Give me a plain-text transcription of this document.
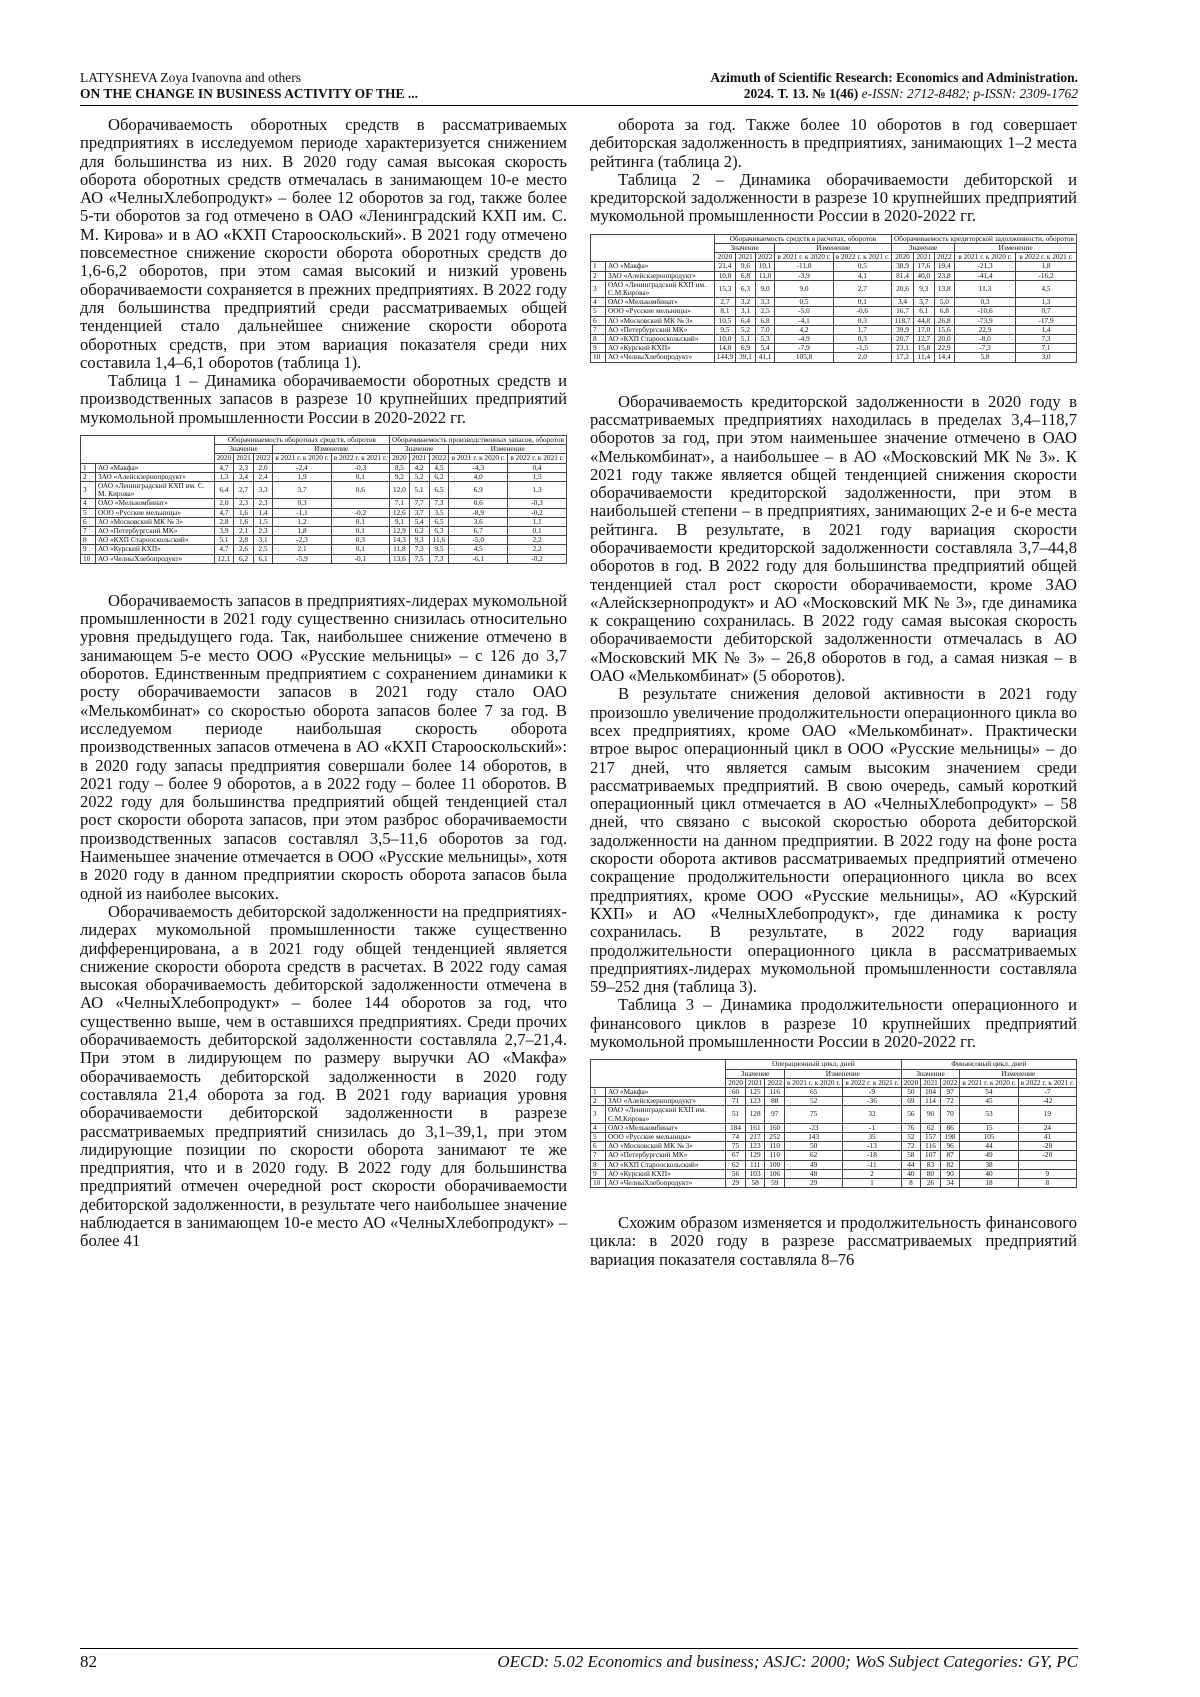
LATYSHEVA Zoya Ivanovna and others
ON THE CHANGE IN BUSINESS ACTIVITY OF THE ...
Azimuth of Scientific Research: Economics and Administration.
2024. Т. 13. № 1(46) e-ISSN: 2712-8482; p-ISSN: 2309-1762

Оборачиваемость оборотных средств в рассматриваемых предприятиях в исследуемом периоде характеризуется снижением для большинства из них. В 2020 году самая высокая скорость оборота оборотных средств отмечалась в занимающем 10-е место АО «ЧелныХлебопродукт» – более 12 оборотов за год, также более 5-ти оборотов за год отмечено в ОАО «Ленинградский КХП им. С. М. Кирова» и в АО «КХП Старооскольский». В 2021 году отмечено повсеместное снижение скорости оборота оборотных средств до 1,6-6,2 оборотов, при этом самая высокий и низкий уровень оборачиваемости сохраняется в прежних предприятиях. В 2022 году для большинства предприятий среди рассматриваемых общей тенденцией стало дальнейшее снижение скорости оборота оборотных средств, при этом вариация показателя среди них составила 1,4–6,1 оборотов (таблица 1).

Таблица 1 – Динамика оборачиваемости оборотных средств и производственных запасов в разрезе 10 крупнейших предприятий мукомольной промышленности России в 2020-2022 гг.

		Оборачиваемость оборотных средств, оборотов					Оборачиваемость производственных запасов, оборотов				
		Значение			Изменение		Значение			Изменение	
		2020	2021	2022	в 2021 г. к 2020 г.	в 2022 г. к 2021 г.	2020	2021	2022	в 2021 г. к 2020 г.	в 2022 г. к 2021 г.
1	АО «Макфа»	4,7	2,3	2,0	-2,4	-0,3	8,5	4,2	4,5	-4,3	0,4
2	ЗАО «Алейскзернопродукт»	1,3	2,4	2,4	1,9	0,1	9,2	5,2	6,2	4,0	1,5
3	ОАО «Ленинградский КХП им. С. М. Кирова»	6,4	2,7	3,3	3,7	0,6	12,0	5,1	6,5	6,9	1,3
4	ОАО «Мелькомбинат»	2,0	2,3	2,3	0,3		7,1	7,7	7,3	0,6	-0,3
5	ООО «Русские мельницы»	4,7	1,6	1,4	-1,1	-0,2	12,6	3,7	3,5	-8,9	-0,2
6	АО «Московский МК № 3»	2,8	1,6	1,5	1,2	0,1	9,1	5,4	6,5	3,6	1,1
7	АО «Петербургский МК»	3,9	2,1	2,3	1,8	0,1	12,9	6,2	6,3	6,7	0,1
8	АО «КХП Старооскольский»	5,1	2,8	3,1	-2,3	0,3	14,3	9,3	11,6	-5,0	2,2
9	АО «Курский КХП»	4,7	2,6	2,5	2,1	0,1	11,8	7,3	9,5	4,5	2,2
10	АО «ЧелныХлебопродукт»	12,1	6,2	6,1	-5,9	-0,1	13,6	7,5	7,3	-6,1	-0,2

Оборачиваемость запасов в предприятиях-лидерах мукомольной промышленности в 2021 году существенно снизилась относительно уровня предыдущего года. Так, наибольшее снижение отмечено в занимающем 5-е место ООО «Русские мельницы» – с 126 до 3,7 оборотов. Единственным предприятием с сохранением динамики к росту оборачиваемости запасов в 2021 году стало ОАО «Мелькомбинат» со скоростью оборота запасов более 7 за год. В исследуемом периоде наибольшая скорость оборота производственных запасов отмечена в АО «КХП Старооскольский»: в 2020 году запасы предприятия совершали более 14 оборотов, в 2021 году – более 9 оборотов, а в 2022 году – более 11 оборотов. В 2022 году для большинства предприятий общей тенденцией стал рост скорости оборота запасов, при этом разброс оборачиваемости производственных запасов составлял 3,5–11,6 оборотов за год. Наименьшее значение отмечается в ООО «Русские мельницы», хотя в 2020 году в данном предприятии скорость оборота запасов была одной из наиболее высоких.

Оборачиваемость дебиторской задолженности на предприятиях-лидерах мукомольной промышленности также существенно дифференцирована, а в 2021 году общей тенденцией является снижение скорости оборота средств в расчетах. В 2022 году самая высокая оборачиваемость дебиторской задолженности отмечена в АО «ЧелныХлебопродукт» – более 144 оборотов за год, что существенно выше, чем в оставшихся предприятиях. Среди прочих оборачиваемость дебиторской задолженности составляла 2,7–21,4. При этом в лидирующем по размеру выручки АО «Макфа» оборачиваемость дебиторской задолженности в 2020 году составляла 21,4 оборота за год. В 2021 году вариация уровня оборачиваемости дебиторской задолженности в разрезе рассматриваемых предприятий снизилась до 3,1–39,1, при этом лидирующие позиции по скорости оборота занимают те же предприятия, что и в 2020 году. В 2022 году для большинства предприятий отмечен очередной рост скорости оборачиваемости дебиторской задолженности, в результате чего наибольшее значение наблюдается в занимающем 10-е место АО «ЧелныХлебопродукт» – более 41

оборота за год. Также более 10 оборотов в год совершает дебиторская задолженность в предприятиях, занимающих 1–2 места рейтинга (таблица 2).

Таблица 2 – Динамика оборачиваемости дебиторской и кредиторской задолженности в разрезе 10 крупнейших предприятий мукомольной промышленности России в 2020-2022 гг.

		Оборачиваемость средств в расчетах, оборотов					Оборачиваемость кредиторской задолженности, оборотов				
		Значение			Изменение		Значение			Изменение	
		2020	2021	2022	в 2021 г. к 2020 г.	в 2022 г. к 2021 г.	2020	2021	2022	в 2021 г. к 2020 г.	в 2022 г. к 2021 г.
1	АО «Макфа»	21,4	9,6	10,1	-11,8	0,5	38,9	17,6	19,4	-21,3	1,8
2	ЗАО «Алейскзернопродукт»	10,8	6,8	11,0	-3,9	4,1	81,4	40,0	23,8	-41,4	-16,2
3	ОАО «Ленинградский КХП им. С.М.Кирова»	15,3	6,3	9,0	9,0	2,7	20,6	9,3	13,8	11,3	4,5
4	ОАО «Мелькомбинат»	2,7	3,2	3,3	0,5	0,1	3,4	3,7	5,0	0,3	1,3
5	ООО «Русские мельницы»	8,1	3,1	2,5	-5,0	-0,6	16,7	6,1	6,8	-10,6	0,7
6	АО «Московский МК № 3»	10,5	6,4	6,8	-4,1	0,3	118,7	44,8	26,8	-73,9	-17,9
7	АО «Петербургский МК»	9,5	5,2	7,0	4,2	1,7	39,9	17,0	15,6	22,9	1,4
8	АО «КХП Старооскольский»	10,0	5,1	5,3	-4,9	0,3	20,7	12,7	20,0	-8,0	7,3
9	АО «Курский КХП»	14,8	6,9	5,4	-7,9	-1,5	23,1	15,8	22,9	-7,3	7,1
10	АО «ЧелныХлебопродукт»	144,9	39,1	41,1	105,8	2,0	17,2	11,4	14,4	5,8	3,0

Оборачиваемость кредиторской задолженности в 2020 году в рассматриваемых предприятиях находилась в пределах 3,4–118,7 оборотов за год, при этом наименьшее значение отмечено в ОАО «Мелькомбинат», а наибольшее – в АО «Московский МК № 3». К 2021 году также является общей тенденцией снижения скорости оборачиваемости кредиторской задолженности, при этом в наибольшей степени – в предприятиях, занимающих 2-е и 6-е места рейтинга. В результате, в 2021 году вариация скорости оборачиваемости кредиторской задолженности составляла 3,7–44,8 оборотов в год. В 2022 году для большинства предприятий общей тенденцией стал рост скорости оборачиваемости, кроме ЗАО «Алейскзернопродукт» и АО «Московский МК № 3», где динамика к сокращению сохранилась. В 2022 году самая высокая скорость оборачиваемости дебиторской задолженности отмечалась в АО «Московский МК № 3» – 26,8 оборотов в год, а самая низкая – в ОАО «Мелькомбинат» (5 оборотов).

В результате снижения деловой активности в 2021 году произошло увеличение продолжительности операционного цикла во всех предприятиях, кроме ОАО «Мелькомбинат». Практически втрое вырос операционный цикл в ООО «Русские мельницы» – до 217 дней, что является самым высоким значением среди рассматриваемых предприятий. В свою очередь, самый короткий операционный цикл отмечается в АО «ЧелныХлебопродукт» – 58 дней, что связано с высокой скоростью оборота дебиторской задолженности на данном предприятии. В 2022 году на фоне роста скорости оборота активов рассматриваемых предприятий отмечено сокращение продолжительности операционного цикла во всех предприятиях, кроме ООО «Русские мельницы», АО «Курский КХП» и АО «ЧелныХлебопродукт», где динамика к росту сохранилась. В результате, в 2022 году вариация продолжительности операционного цикла в рассматриваемых предприятиях-лидерах мукомольной промышленности составляла 59–252 дня (таблица 3).

Таблица 3 – Динамика продолжительности операционного и финансового циклов в разрезе 10 крупнейших предприятий мукомольной промышленности России в 2020-2022 гг.

		Операционный цикл, дней					Финансовый цикл, дней				
		Значение			Изменение		Значение			Изменение	
		2020	2021	2022	в 2021 г. к 2020 г.	в 2022 г. к 2021 г.	2020	2021	2022	в 2021 г. к 2020 г.	в 2022 г. к 2021 г.
1	АО «Макфа»	60	125	116	65	-9	50	104	97	54	-7
2	ЗАО «Алейскзернопродукт»	71	123	88	52	-36	69	114	72	45	-42
3	ОАО «Ленинградский КХП им. С.М.Кирова»	51	128	97	75	32	56	90	70	53	19
4	ОАО «Мелькомбинат»	184	161	160	-23	-1	76	62	86	15	24
5	ООО «Русские мельницы»	74	217	252	143	35	52	157	198	105	41
6	АО «Московский МК № 3»	75	123	110	50	-13	72	116	96	44	-20
7	АО «Петербургский МК»	67	129	110	62	-18	58	107	87	49	-20
8	АО «КХП Старооскольский»	62	111	100	49	-11	44	83	82	38	
9	АО «Курский КХП»	56	103	106	48	2	40	80	90	40	9
10	АО «ЧелныХлебопродукт»	29	58	59	29	1	8	26	34	18	8

Схожим образом изменяется и продолжительность финансового цикла: в 2020 году в разрезе рассматриваемых предприятий вариация показателя составляла 8–76

82	OECD: 5.02 Economics and business; ASJC: 2000; WoS Subject Categories: GY, PC
